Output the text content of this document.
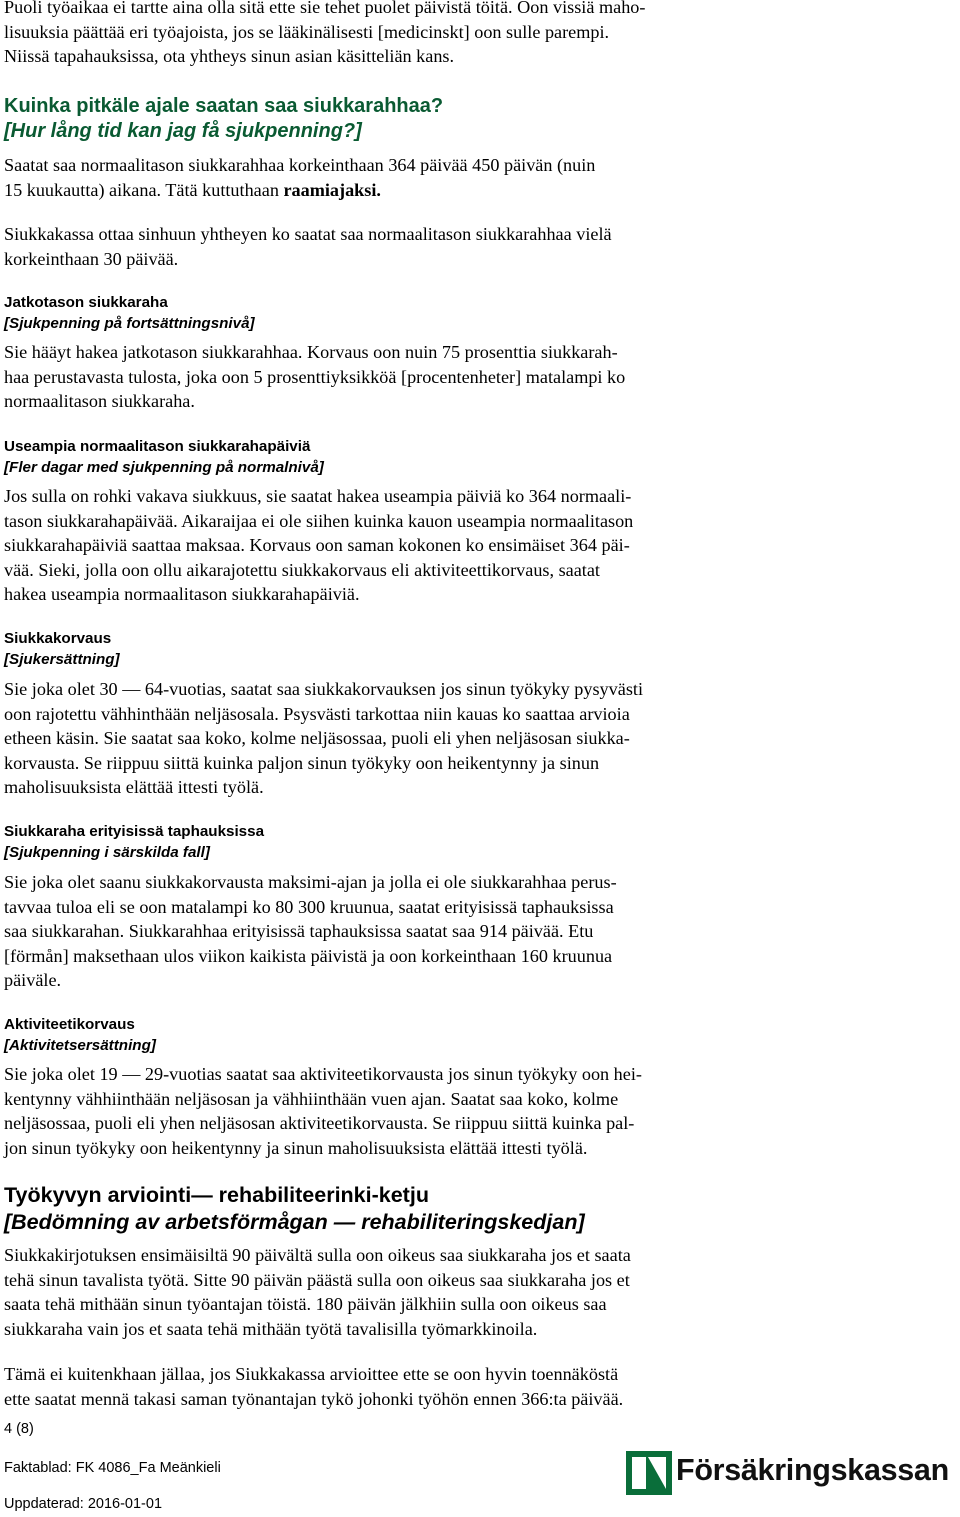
Puoli työaikaa ei tartte aina olla sitä ette sie tehet puolet päivistä töitä. Oon vissiä maho-

lisuuksia päättää eri työajoista, jos se lääkinälisesti [medicinskt] oon sulle parempi.

Niissä tapahauksissa, ota yhtheys sinun asian käsitteliän kans.

Kuinka pitkäle ajale saatan saa siukkarahhaa?

[Hur lång tid kan jag få sjukpenning?]

Saatat saa normaalitason siukkarahhaa korkeinthaan 364 päivää 450 päivän (nuin

15 kuukautta) aikana. Tätä kuttuthaan raamiajaksi.

Siukkakassa ottaa sinhuun yhtheyen ko saatat saa normaalitason siukkarahhaa vielä

korkeinthaan 30 päivää.

Jatkotason siukkaraha

[Sjukpenning på fortsättningsnivå]

Sie hääyt hakea jatkotason siukkarahhaa. Korvaus oon nuin 75 prosenttia siukkarah-

haa perustavasta tulosta, joka oon 5 prosenttiyksikköä [procentenheter] matalampi ko

normaalitason siukkaraha.

Useampia normaalitason siukkarahapäiviä

[Fler dagar med sjukpenning på normalnivå]

Jos sulla on rohki vakava siukkuus, sie saatat hakea useampia päiviä ko 364 normaali-

tason siukkarahapäivää. Aikaraijaa ei ole siihen kuinka kauon useampia normaalitason

siukkarahapäiviä saattaa maksaa. Korvaus oon saman kokonen ko ensimäiset 364 päi-

vää. Sieki, jolla oon ollu aikarajotettu siukkakorvaus eli aktiviteettikorvaus, saatat

hakea useampia normaalitason siukkarahapäiviä.

Siukkakorvaus

[Sjukersättning]

Sie joka olet 30 — 64-vuotias, saatat saa siukkakorvauksen jos sinun työkyky pysyvästi

oon rajotettu vähhinthään neljäsosala. Psysvästi tarkottaa niin kauas ko saattaa arvioia

etheen käsin. Sie saatat saa koko, kolme neljäsossaa, puoli eli yhen neljäsosan siukka-

korvausta. Se riippuu siittä kuinka paljon sinun työkyky oon heikentynny ja sinun

maholisuuksista elättää ittesti työlä.

Siukkaraha erityisissä taphauksissa

[Sjukpenning i särskilda fall]

Sie joka olet saanu siukkakorvausta maksimi-ajan ja jolla ei ole siukkarahhaa perus-

tavvaa tuloa eli se oon matalampi ko 80 300 kruunua, saatat erityisissä taphauksissa

saa siukkarahan. Siukkarahhaa erityisissä taphauksissa saatat saa 914 päivää. Etu

[förmån] maksethaan ulos viikon kaikista päivistä ja oon korkeinthaan 160 kruunua

päiväle.

Aktiviteetikorvaus

[Aktivitetsersättning]

Sie joka olet 19 — 29-vuotias saatat saa aktiviteetikorvausta jos sinun työkyky oon hei-

kentynny vähhiinthään neljäsosan ja vähhiinthään vuen ajan. Saatat saa koko, kolme

neljäsossaa, puoli eli yhen neljäsosan aktiviteetikorvausta. Se riippuu siittä kuinka pal-

jon sinun työkyky oon heikentynny ja sinun maholisuuksista elättää ittesti työlä.

Työkyvyn arviointi— rehabiliteerinki-ketju

[Bedömning av arbetsförmågan — rehabiliteringskedjan]

Siukkakirjotuksen ensimäisiltä 90 päivältä sulla oon oikeus saa siukkaraha jos et saata

tehä sinun tavalista työtä. Sitte 90 päivän päästä sulla oon oikeus saa siukkaraha jos et

saata tehä mithään sinun työantajan töistä. 180 päivän jälkhiin sulla oon oikeus saa

siukkaraha vain jos et saata tehä mithään työtä tavalisilla työmarkkinoila.

Tämä ei kuitenkhaan jällaa, jos Siukkakassa arvioittee ette se oon hyvin toennäköstä

ette saatat mennä takasi saman työnantajan tykö johonki työhön ennen 366:ta päivää.

4 (8)
Faktablad: FK 4086_Fa Meänkieli
Uppdaterad: 2016-01-01
Försäkringskassan
